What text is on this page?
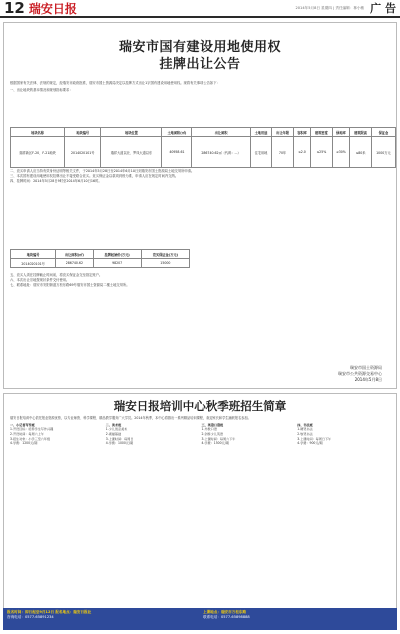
12 瑞安日报	2014年5月8日 星期四 | 责任编辑：林小敏 广 告
瑞安市国有建设用地使用权
挂牌出让公告

根据国家有关法律、法规的规定，经瑞安市政府批准，瑞安市国土资源局决定以挂牌方式出让1宗国有建设用地使用权。现将有关事项公告如下：

一、出让地块的基本情况和规划指标要求：

地块名称	地块编号	地块位置	土地面积(㎡)	出让面积	土地用途	出让年限	容积率	建筑密度	绿地率	建筑限高	保证金
瑞祥新区F-20、F-21地块	2014020101号	瑞祥大道以北、罗凤大道以东	40958.61	286740.62㎡（代码：...）	住宅用地	70年	≤2.0	≤25%	≥30%	≤80米	1000万元

二、竞买申请人应当持有效身份证明等相关文件，于2014年5月28日至2014年6月10日到瑞安市国土资源局土地交易所申请。

三、本次国有建设用地使用权挂牌出让不接受联合竞买。竞买保证金以款项到账为准，申请人应在规定时间内交纳。

四、挂牌时间：2014年5月28日9时至2014年6月10日16时。

地块编号	出让面积(㎡)	挂牌起始价(万元)	竞买保证金(万元)
2014020101号	286740.62	98207	15000

五、竞买人须在挂牌截止时间前，将竞买保证金交至指定账户。

六、本次出让宗地按现状条件交付使用。

七、联系地址：瑞安市安阳街道万松东路69号瑞安市国土资源局二楼土地交易所。

瑞安市国土资源局
瑞安市公共资源交易中心
2014年5月8日
瑞安日报培训中心秋季班招生简章

瑞安日报培训中心依托报业资源优势，以专业师资、科学课程、精品教学服务广大学员。2014年秋季，本中心将推出一系列精品培训课程，欢迎家长和学生踊跃报名参加。

一、小记者写作班
1.开设目标：培养学生写作兴趣
2.开设时间：每周六上午
3.招生对象：小学三至六年级
4.学费：1200元/期
二、美术班
1.少儿创意美术
2.素描基础
3.上课时间：每周日
4.学费：1000元/期
三、英语口语班
1.外教口语
2.剑桥少儿英语
3.上课时间：每周六下午
4.学费：1500元/期
四、书法班
1.硬笔书法
2.软笔书法
3.上课时间：每周日下午
4.学费：900元/期
报名时间：即日起至9月12日 报名地点：瑞安日报社
咨询电话：0577-65891234
上课地点：瑞安市万松东路
联系电话：0577-65898888
